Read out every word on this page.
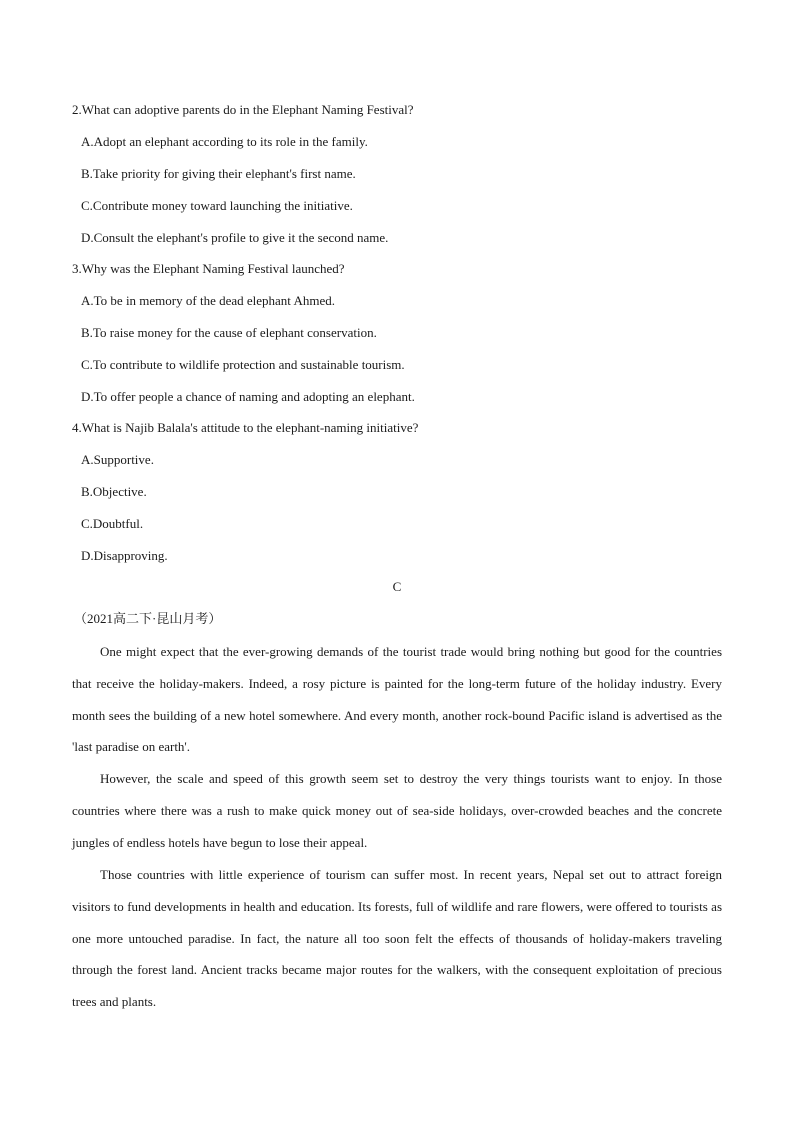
2.What can adoptive parents do in the Elephant Naming Festival?
A.Adopt an elephant according to its role in the family.
B.Take priority for giving their elephant's first name.
C.Contribute money toward launching the initiative.
D.Consult the elephant's profile to give it the second name.
3.Why was the Elephant Naming Festival launched?
A.To be in memory of the dead elephant Ahmed.
B.To raise money for the cause of elephant conservation.
C.To contribute to wildlife protection and sustainable tourism.
D.To offer people a chance of naming and adopting an elephant.
4.What is Najib Balala's attitude to the elephant-naming initiative?
A.Supportive.
B.Objective.
C.Doubtful.
D.Disapproving.
C
（2021高二下·昆山月考）
One might expect that the ever-growing demands of the tourist trade would bring nothing but good for the countries that receive the holiday-makers. Indeed, a rosy picture is painted for the long-term future of the holiday industry. Every month sees the building of a new hotel somewhere. And every month, another rock-bound Pacific island is advertised as the 'last paradise on earth'.
However, the scale and speed of this growth seem set to destroy the very things tourists want to enjoy. In those countries where there was a rush to make quick money out of sea-side holidays, over-crowded beaches and the concrete jungles of endless hotels have begun to lose their appeal.
Those countries with little experience of tourism can suffer most. In recent years, Nepal set out to attract foreign visitors to fund developments in health and education. Its forests, full of wildlife and rare flowers, were offered to tourists as one more untouched paradise. In fact, the nature all too soon felt the effects of thousands of holiday-makers traveling through the forest land. Ancient tracks became major routes for the walkers, with the consequent exploitation of precious trees and plants.
